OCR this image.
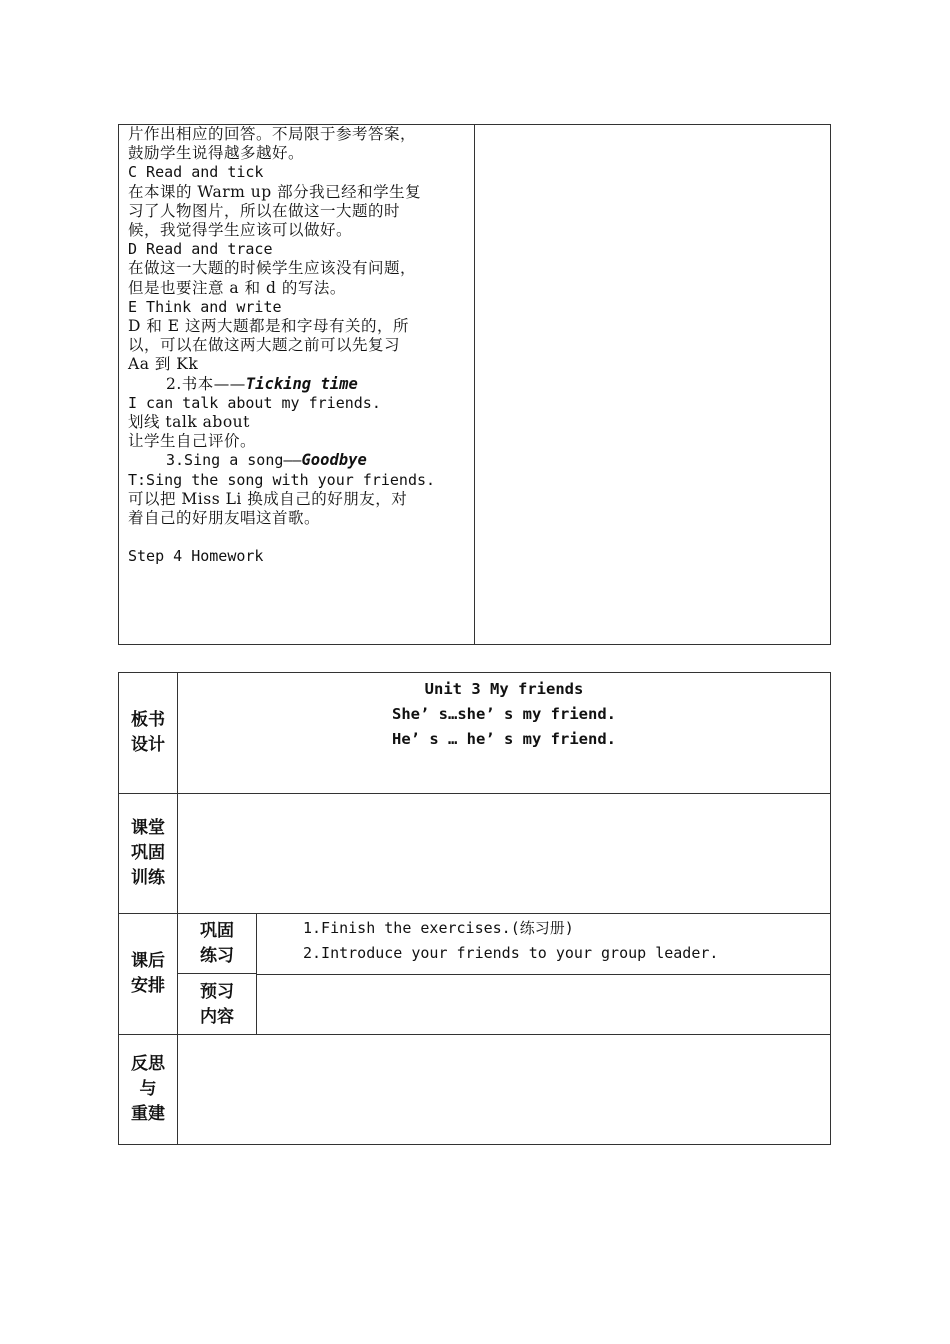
片作出相应的回答。不局限于参考答案，
鼓励学生说得越多越好。
C Read and tick
在本课的 Warm up 部分我已经和学生复
习了人物图片，所以在做这一大题的时
候，我觉得学生应该可以做好。
D Read and trace
在做这一大题的时候学生应该没有问题，
但是也要注意 a 和 d 的写法。
E Think and write
D 和 E 这两大题都是和字母有关的，所
以，可以在做这两大题之前可以先复习
Aa 到 Kk
2.书本——Ticking time
I can talk about my friends.
划线 talk about
让学生自己评价。
3.Sing a song——Goodbye
T:Sing the song with your friends.
可以把 Miss Li 换成自己的好朋友，对
着自己的好朋友唱这首歌。
Step 4 Homework
板书
设计
Unit 3 My friends
She’ s…she’ s my friend.
He’ s … he’ s my friend.
课堂
巩固
训练
课后
安排
巩固
练习
1.Finish the exercises.(练习册)
2.Introduce your friends to your group leader.
预习
内容
反思
与
重建
